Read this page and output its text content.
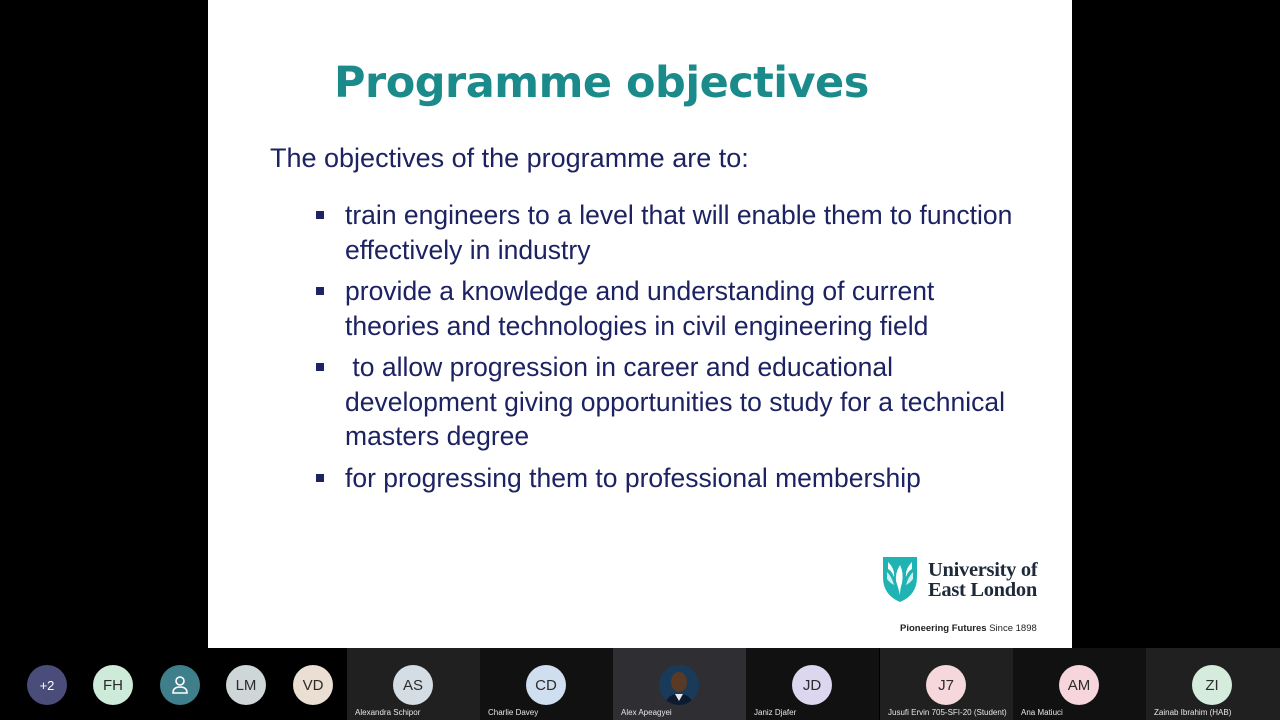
Programme objectives

The objectives of the programme are to:

train engineers to a level that will enable them to function effectively in industry
provide a knowledge and understanding of current theories and technologies in civil engineering field
to allow progression in career and educational development giving opportunities to study for a technical masters degree
for progressing them to professional membership
University of
East London
Pioneering Futures Since 1898
+2	FH	LM	VD	AS
Alexandra Schipor
CD
Charlie Davey	Alex Apeagyei
JD
Janiz Djafer
J7
Jusufi Ervin 705-SFI-20 (Student)
AM
Ana Matiuci
ZI
Zainab Ibrahim (HAB)
